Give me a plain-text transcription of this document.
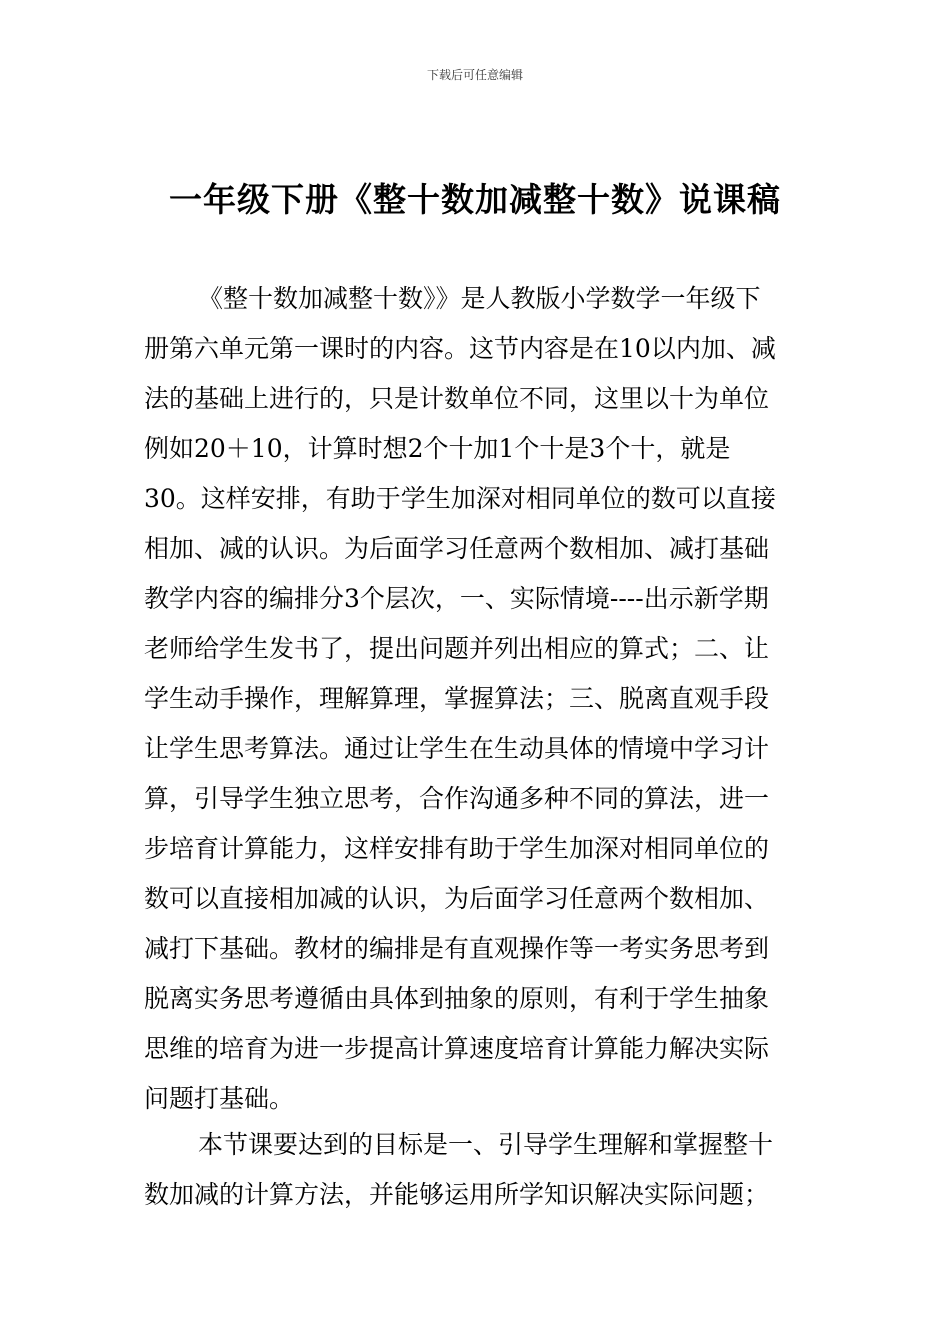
下载后可任意编辑
一年级下册《整十数加减整十数》说课稿
《整十数加减整十数》》是人教版小学数学一年级下
册第六单元第一课时的内容。这节内容是在10以内加、减
法的基础上进行的，只是计数单位不同，这里以十为单位
例如20＋10，计算时想2个十加1个十是3个十，就是
30。这样安排，有助于学生加深对相同单位的数可以直接
相加、减的认识。为后面学习任意两个数相加、减打基础
教学内容的编排分3个层次，一、实际情境----出示新学期
老师给学生发书了，提出问题并列出相应的算式；二、让
学生动手操作，理解算理，掌握算法；三、脱离直观手段
让学生思考算法。通过让学生在生动具体的情境中学习计
算，引导学生独立思考，合作沟通多种不同的算法，进一
步培育计算能力，这样安排有助于学生加深对相同单位的
数可以直接相加减的认识，为后面学习任意两个数相加、
减打下基础。教材的编排是有直观操作等一考实务思考到
脱离实务思考遵循由具体到抽象的原则，有利于学生抽象
思维的培育为进一步提高计算速度培育计算能力解决实际
问题打基础。
本节课要达到的目标是一、引导学生理解和掌握整十
数加减的计算方法，并能够运用所学知识解决实际问题；
